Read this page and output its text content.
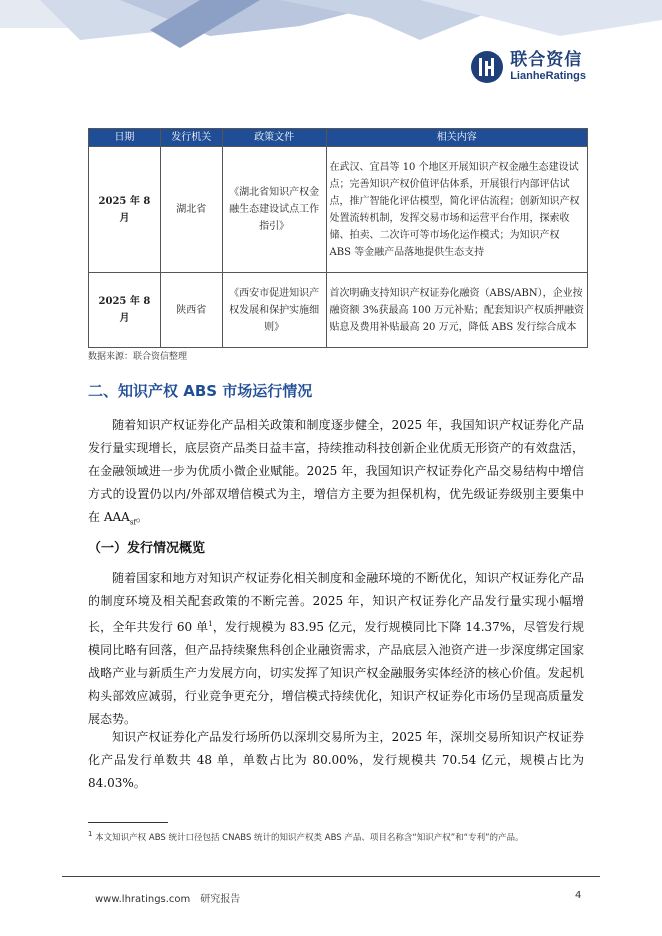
联合资信
LianheRatings
日期	发行机关	政策文件	相关内容
2025 年 8 月	湖北省	《湖北省知识产权金融生态建设试点工作指引》	在武汉、宜昌等 10 个地区开展知识产权金融生态建设试点；完善知识产权价值评估体系，开展银行内部评估试点，推广智能化评估模型，简化评估流程；创新知识产权处置流转机制，发挥交易市场和运营平台作用，探索收储、拍卖、二次许可等市场化运作模式；为知识产权 ABS 等金融产品落地提供生态支持
2025 年 8 月	陕西省	《西安市促进知识产权发展和保护实施细则》	首次明确支持知识产权证券化融资（ABS/ABN），企业按融资额 3%获最高 100 万元补贴；配套知识产权质押融资贴息及费用补贴最高 20 万元，降低 ABS 发行综合成本
数据来源：联合资信整理
二、知识产权 ABS 市场运行情况
随着知识产权证券化产品相关政策和制度逐步健全，2025 年，我国知识产权证券化产品发行量实现增长，底层资产品类日益丰富，持续推动科技创新企业优质无形资产的有效盘活，在金融领域进一步为优质小微企业赋能。2025 年，我国知识产权证券化产品交易结构中增信方式的设置仍以内/外部双增信模式为主，增信方主要为担保机构，优先级证券级别主要集中在 $AAA_{sf}$。
（一）发行情况概览
随着国家和地方对知识产权证券化相关制度和金融环境的不断优化，知识产权证券化产品的制度环境及相关配套政策的不断完善。2025 年，知识产权证券化产品发行量实现小幅增长，全年共发行 60 单$^1$，发行规模为 83.95 亿元，发行规模同比下降 14.37%，尽管发行规模同比略有回落，但产品持续聚焦科创企业融资需求，产品底层入池资产进一步深度绑定国家战略产业与新质生产力发展方向，切实发挥了知识产权金融服务实体经济的核心价值。发起机构头部效应减弱，行业竞争更充分，增信模式持续优化，知识产权证券化市场仍呈现高质量发展态势。
知识产权证券化产品发行场所仍以深圳交易所为主，2025 年，深圳交易所知识产权证券化产品发行单数共 48 单，单数占比为 80.00%，发行规模共 70.54 亿元，规模占比为 84.03%。
$^1$ 本文知识产权 ABS 统计口径包括 CNABS 统计的知识产权类 ABS 产品、项目名称含“知识产权”和“专利”的产品。
www.lhratings.com　研究报告	4
